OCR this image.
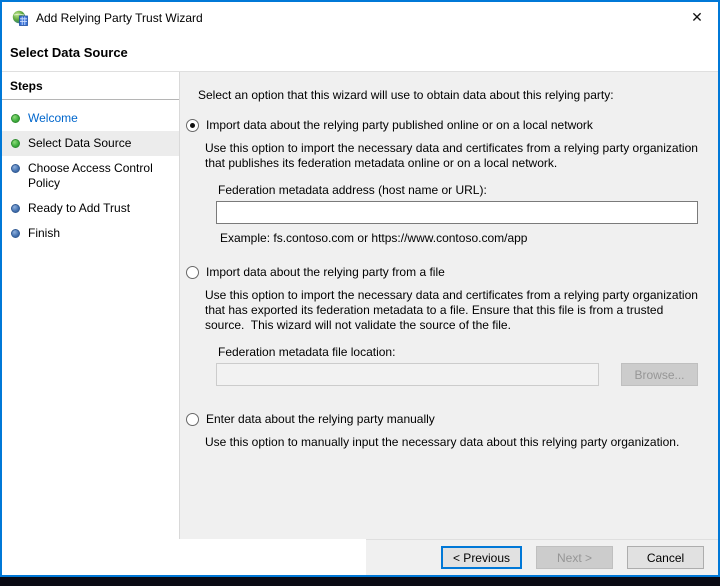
Add Relying Party Trust Wizard	✕
Select Data Source
Steps
Welcome
Select Data Source
Choose Access Control Policy
Ready to Add Trust
Finish
Select an option that this wizard will use to obtain data about this relying party:
Import data about the relying party published online or on a local network
Use this option to import the necessary data and certificates from a relying party organization that publishes its federation metadata online or on a local network.
Federation metadata address (host name or URL):
Example: fs.contoso.com or https://www.contoso.com/app
Import data about the relying party from a file
Use this option to import the necessary data and certificates from a relying party organization that has exported its federation metadata to a file. Ensure that this file is from a trusted source.  This wizard will not validate the source of the file.
Federation metadata file location:
Browse...
Enter data about the relying party manually
Use this option to manually input the necessary data about this relying party organization.
< Previous	Next >	Cancel
